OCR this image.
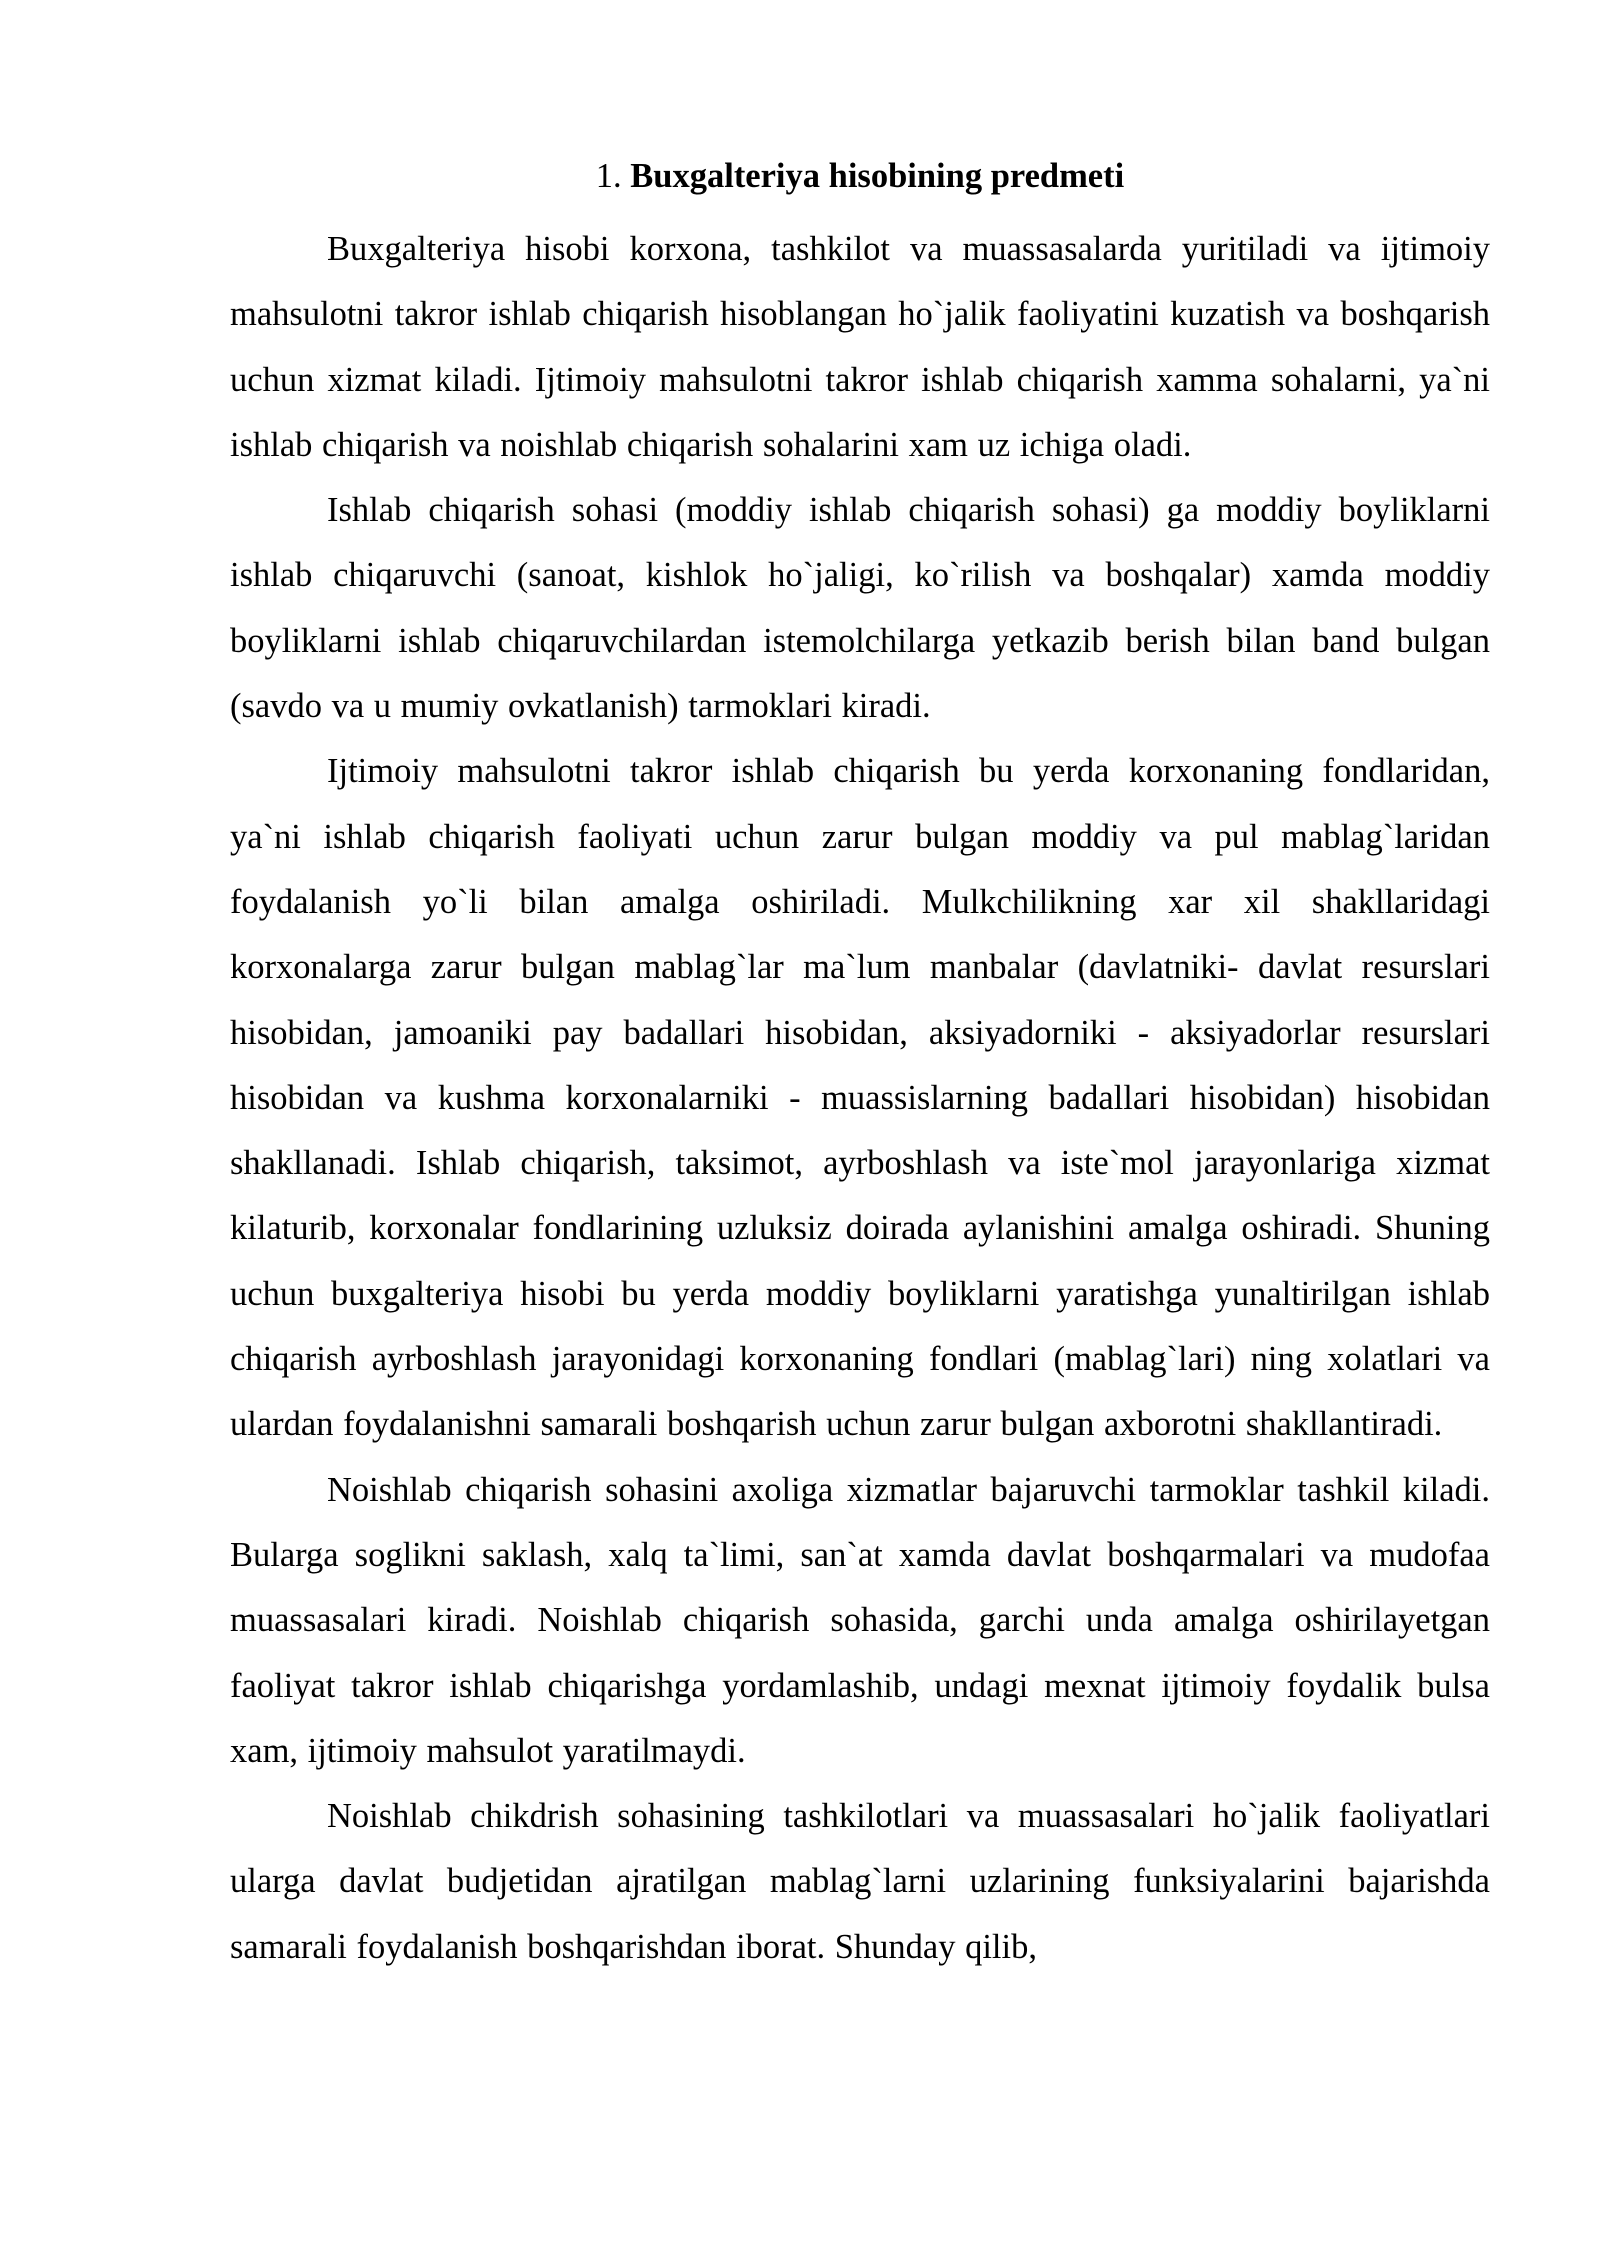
1. Buxgalteriya hisobining predmeti

Buxgalteriya hisobi korxona, tashkilot va muassasalarda yuritiladi va ijtimoiy mahsulotni takror ishlab chiqarish hisoblangan ho`jalik faoliyatini kuzatish va boshqarish uchun xizmat kiladi. Ijtimoiy mahsulotni takror ishlab chiqarish xamma sohalarni, ya`ni ishlab chiqarish va noishlab chiqarish sohalarini xam uz ichiga oladi.

Ishlab chiqarish sohasi (moddiy ishlab chiqarish sohasi) ga moddiy boyliklarni ishlab chiqaruvchi (sanoat, kishlok ho`jaligi, ko`rilish va boshqalar) xamda moddiy boyliklarni ishlab chiqaruvchilardan istemolchilarga yetkazib berish bilan band bulgan (savdo va u mumiy ovkatlanish) tarmoklari kiradi.

Ijtimoiy mahsulotni takror ishlab chiqarish bu yerda korxonaning fondlaridan, ya`ni ishlab chiqarish faoliyati uchun zarur bulgan moddiy va pul mablag`laridan foydalanish yo`li bilan amalga oshiriladi. Mulkchilikning xar xil shakllaridagi korxonalarga zarur bulgan mablag`lar ma`lum manbalar (davlatniki- davlat resurslari hisobidan, jamoaniki pay badallari hisobidan, aksiyadorniki - aksiyadorlar resurslari hisobidan va kushma korxonalarniki - muassislarning badallari hisobidan) hisobidan shakllanadi. Ishlab chiqarish, taksimot, ayrboshlash va iste`mol jarayonlariga xizmat kilaturib, korxonalar fondlarining uzluksiz doirada aylanishini amalga oshiradi. Shuning uchun buxgalteriya hisobi bu yerda moddiy boyliklarni yaratishga yunaltirilgan ishlab chiqarish ayrboshlash jarayonidagi korxonaning fondlari (mablag`lari) ning xolatlari va ulardan foydalanishni samarali boshqarish uchun zarur bulgan axborotni shakllantiradi.

Noishlab chiqarish sohasini axoliga xizmatlar bajaruvchi tarmoklar tashkil kiladi. Bularga soglikni saklash, xalq ta`limi, san`at xamda davlat boshqarmalari va mudofaa muassasalari kiradi. Noishlab chiqarish sohasida, garchi unda amalga oshirilayetgan faoliyat takror ishlab chiqarishga yordamlashib, undagi mexnat ijtimoiy foydalik bulsa xam, ijtimoiy mahsulot yaratilmaydi.

Noishlab chikdrish sohasining tashkilotlari va muassasalari ho`jalik faoliyatlari ularga davlat budjetidan ajratilgan mablag`larni uzlarining funksiyalarini bajarishda samarali foydalanish boshqarishdan iborat. Shunday qilib,
